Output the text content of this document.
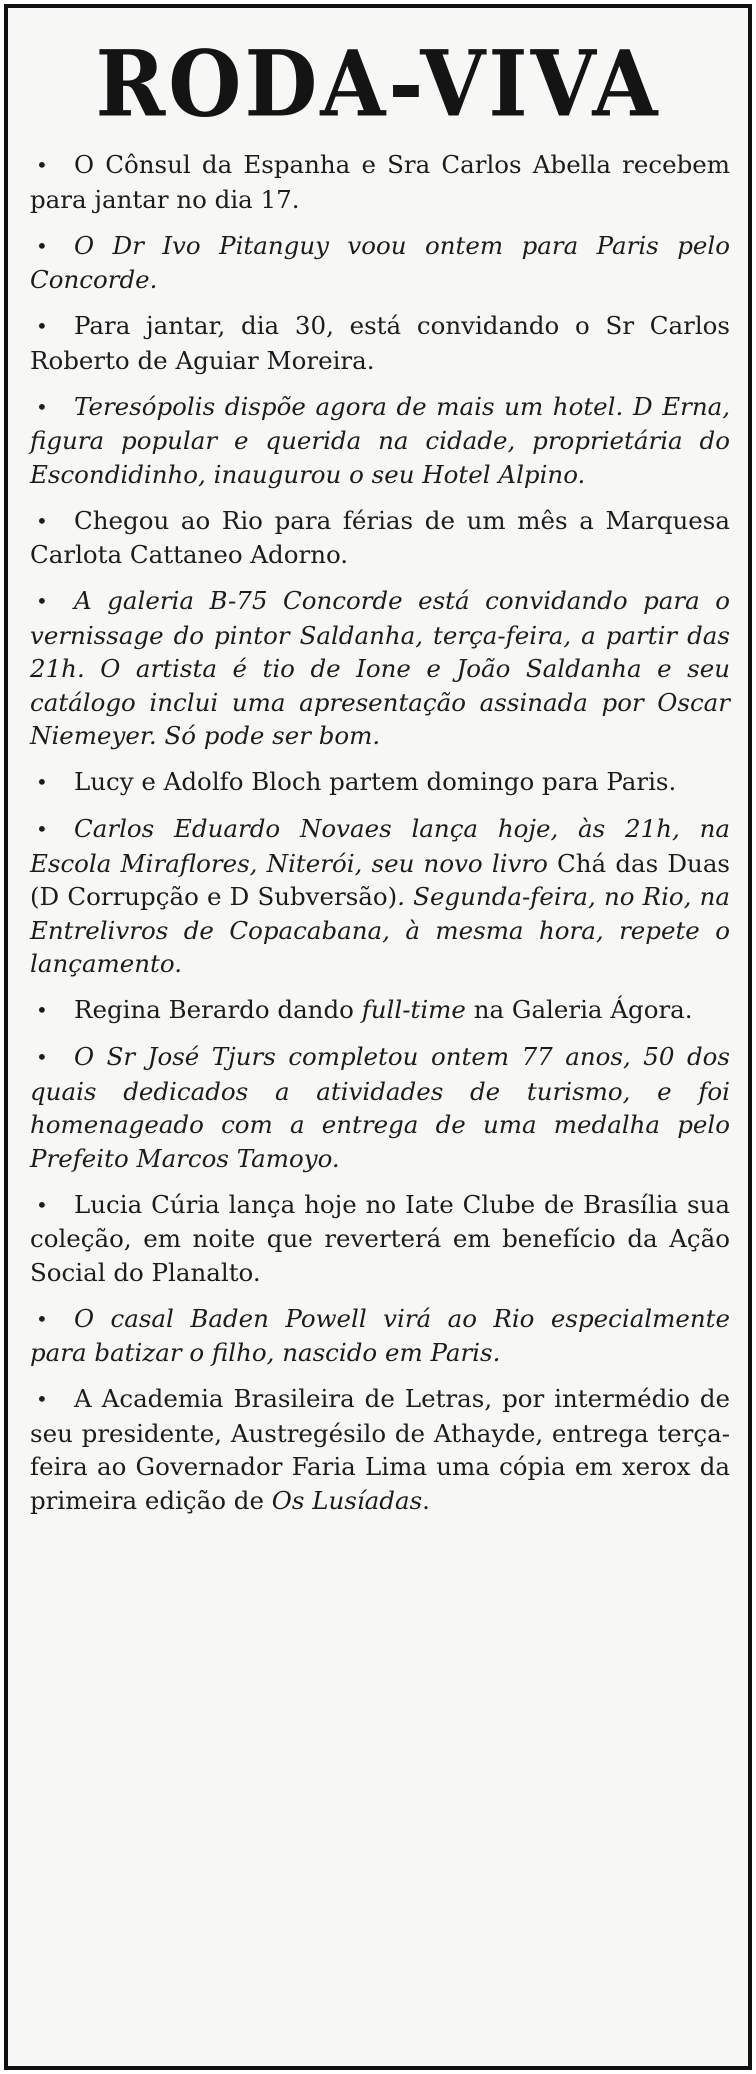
RODA-VIVA

• O Cônsul da Espanha e Sra Carlos Abella recebem para jantar no dia 17.

• O Dr Ivo Pitanguy voou ontem para Paris pelo Concorde.

• Para jantar, dia 30, está convidando o Sr Carlos Roberto de Aguiar Moreira.

• Teresópolis dispõe agora de mais um hotel. D Erna, figura popular e querida na cidade, proprietária do Escondidinho, inaugurou o seu Hotel Alpino.

• Chegou ao Rio para férias de um mês a Marquesa Carlota Cattaneo Adorno.

• A galeria B-75 Concorde está convidando para o vernissage do pintor Saldanha, terça-feira, a partir das 21h. O artista é tio de Ione e João Saldanha e seu catálogo inclui uma apresentação assinada por Oscar Niemeyer. Só pode ser bom.

• Lucy e Adolfo Bloch partem domingo para Paris.

• Carlos Eduardo Novaes lança hoje, às 21h, na Escola Miraflores, Niterói, seu novo livro Chá das Duas (D Corrupção e D Subversão). Segunda-feira, no Rio, na Entrelivros de Copacabana, à mesma hora, repete o lançamento.

• Regina Berardo dando full-time na Galeria Ágora.

• O Sr José Tjurs completou ontem 77 anos, 50 dos quais dedicados a atividades de turismo, e foi homenageado com a entrega de uma medalha pelo Prefeito Marcos Tamoyo.

• Lucia Cúria lança hoje no Iate Clube de Brasília sua coleção, em noite que reverterá em benefício da Ação Social do Planalto.

• O casal Baden Powell virá ao Rio especialmente para batizar o filho, nascido em Paris.

• A Academia Brasileira de Letras, por intermédio de seu presidente, Austregésilo de Athayde, entrega terça-feira ao Governador Faria Lima uma cópia em xerox da primeira edição de Os Lusíadas.
